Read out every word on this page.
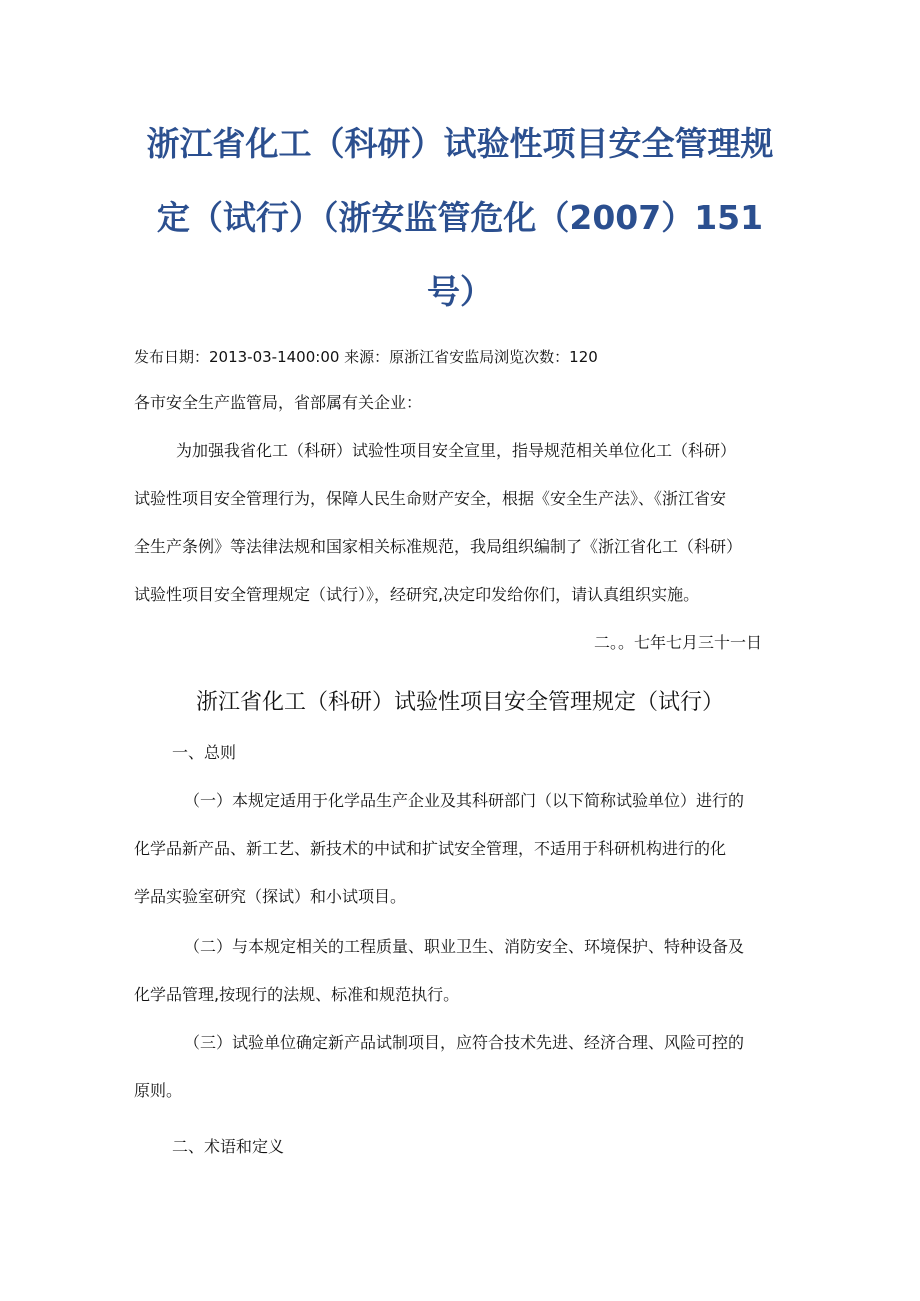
浙江省化工（科研）试验性项目安全管理规
定（试行）（浙安监管危化（2007）151
号）
发布日期：2013-03-1400:00 来源：原浙江省安监局浏览次数：120
各市安全生产监管局，省部属有关企业：
为加强我省化工（科研）试验性项目安全宣里，指导规范相关单位化工（科研）
试验性项目安全管理行为，保障人民生命财产安全，根据《安全生产法》、《浙江省安
全生产条例》等法律法规和国家相关标准规范，我局组织编制了《浙江省化工（科研）
试验性项目安全管理规定（试行）》，经研究,决定印发给你们，请认真组织实施。
二。。七年七月三十一日
浙江省化工（科研）试验性项目安全管理规定（试行）
一、总则
（一）本规定适用于化学品生产企业及其科研部门（以下简称试验单位）进行的
化学品新产品、新工艺、新技术的中试和扩试安全管理，不适用于科研机构进行的化
学品实验室研究（探试）和小试项目。
（二）与本规定相关的工程质量、职业卫生、消防安全、环境保护、特种设备及
化学品管理,按现行的法规、标准和规范执行。
（三）试验单位确定新产品试制项目，应符合技术先进、经济合理、风险可控的
原则。
二、术语和定义
